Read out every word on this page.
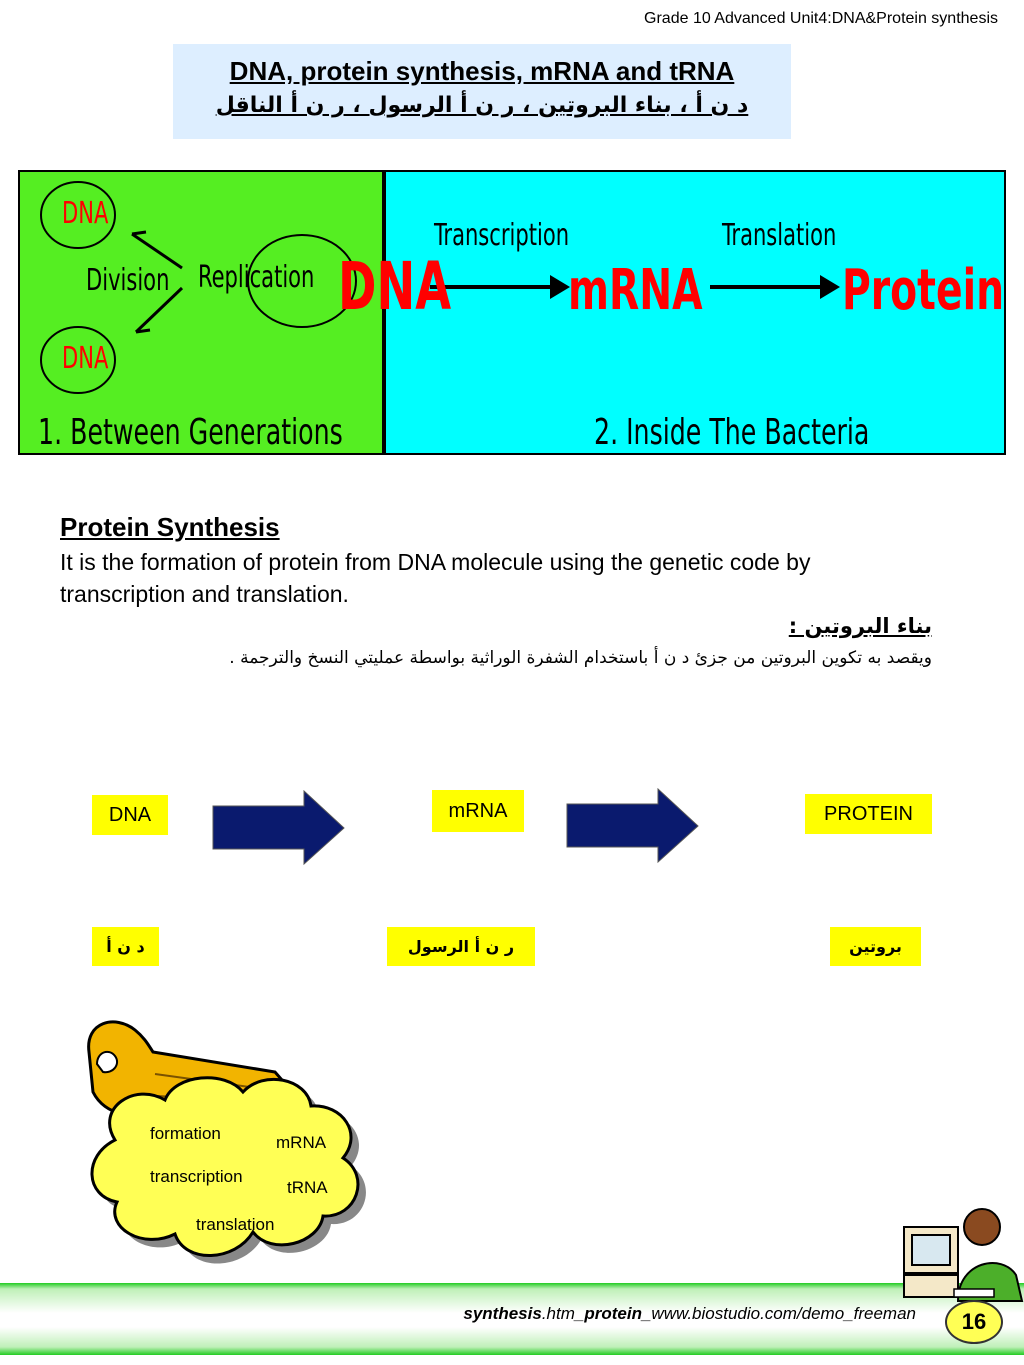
Grade 10 Advanced Unit4:DNA&Protein synthesis
DNA, protein synthesis, mRNA and tRNA
د ن أ ، بناء البروتين ، ر ن أ الرسول ، ر ن أ الناقل
DNA
DNA
Division Replication
1. Between Generations
Transcription	Translation
DNA mRNA Protein
2. Inside The Bacteria
Protein Synthesis
It is the formation of protein from DNA molecule using the genetic code by transcription and translation.
بناء البروتين :
ويقصد به تكوين البروتين من جزئ د ن أ باستخدام الشفرة الوراثية بواسطة عمليتي النسخ والترجمة .
DNA	mRNA	PROTEIN
د ن أ	ر ن أ الرسول	بروتين
formation	mRNA
transcription
tRNA
translation
synthesis.htm_protein_www.biostudio.com/demo_freeman	16
